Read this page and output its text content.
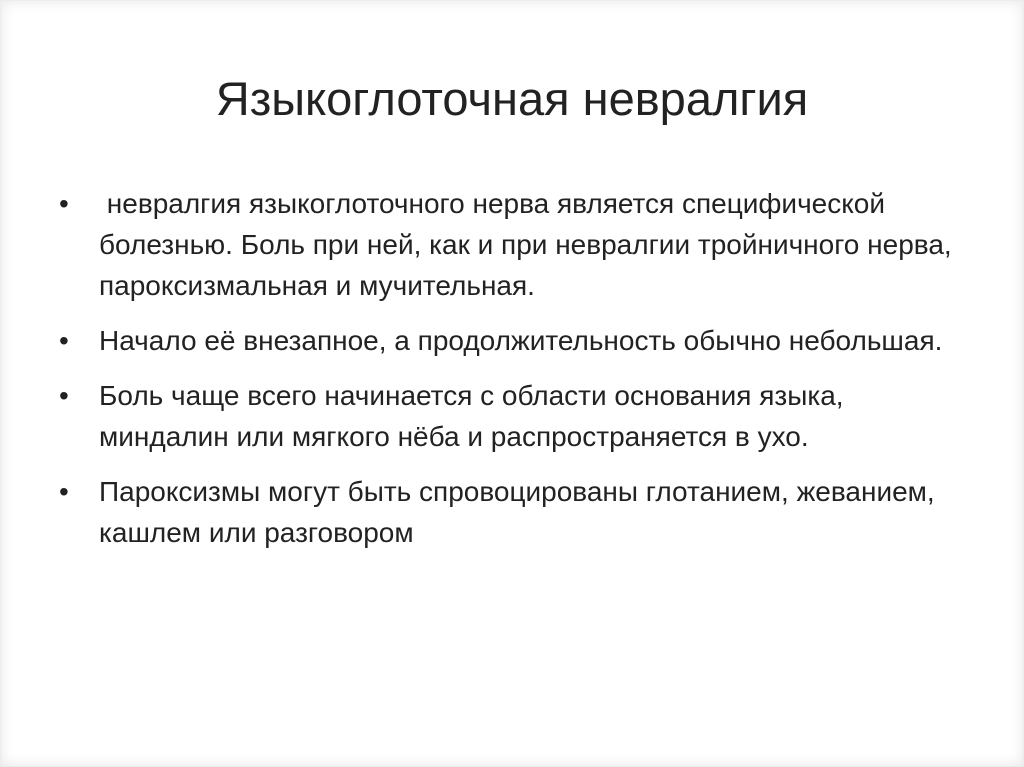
Языкоглоточная невралгия
•	невралгия языкоглоточного нерва является специфической болезнью. Боль при ней, как и при невралгии тройничного нерва, пароксизмальная и мучительная.
•	Начало её внезапное, а продолжительность обычно небольшая.
•	Боль чаще всего начинается с области основания языка, миндалин или мягкого нёба и распространяется в ухо.
•	Пароксизмы могут быть спровоцированы глотанием, жеванием, кашлем или разговором
